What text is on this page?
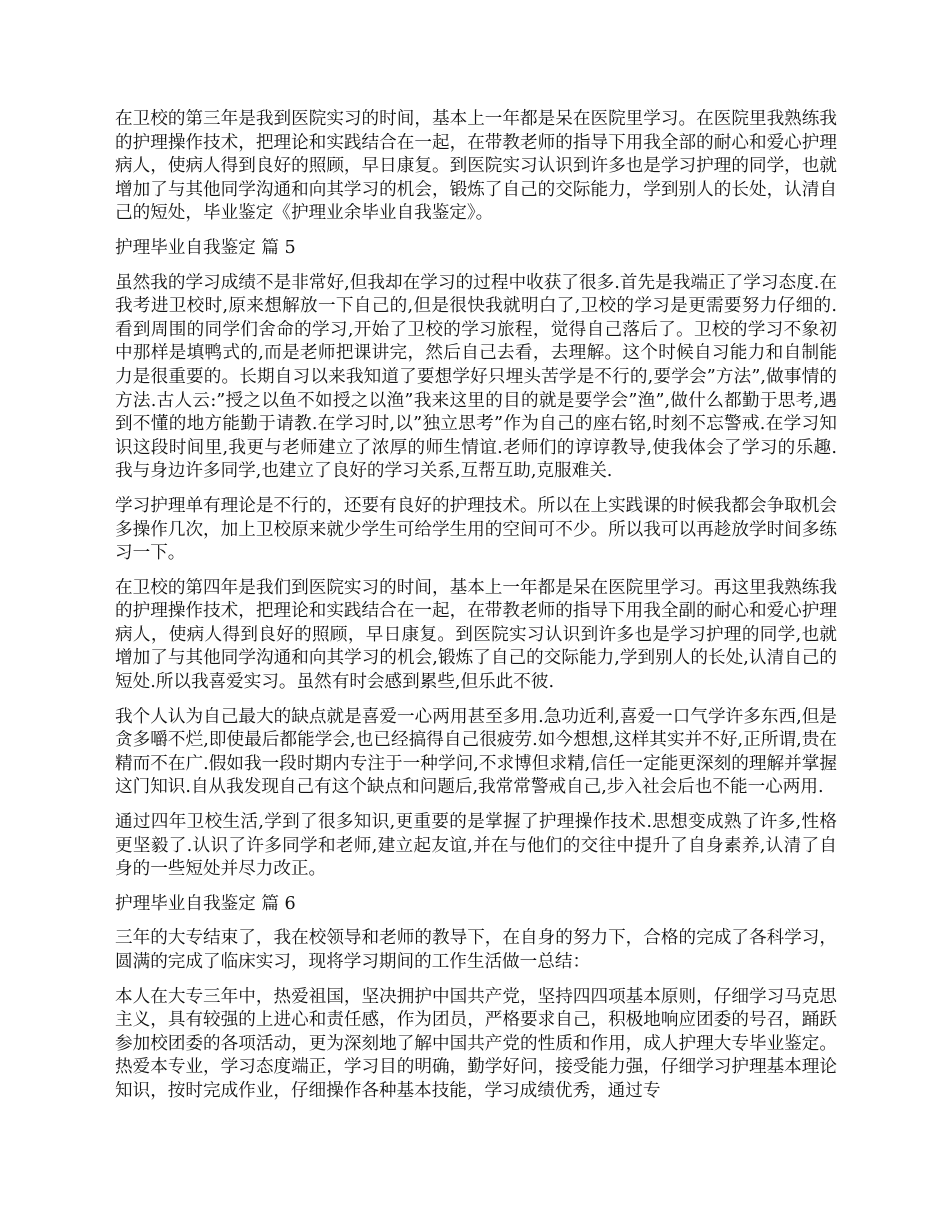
在卫校的第三年是我到医院实习的时间，基本上一年都是呆在医院里学习。在医院里我熟练我的护理操作技术，把理论和实践结合在一起，在带教老师的指导下用我全部的耐心和爱心护理病人，使病人得到良好的照顾，早日康复。到医院实习认识到许多也是学习护理的同学，也就增加了与其他同学沟通和向其学习的机会，锻炼了自己的交际能力，学到别人的长处，认清自己的短处，毕业鉴定《护理业余毕业自我鉴定》。

护理毕业自我鉴定 篇 5

虽然我的学习成绩不是非常好,但我却在学习的过程中收获了很多.首先是我端正了学习态度.在我考进卫校时,原来想解放一下自己的,但是很快我就明白了,卫校的学习是更需要努力仔细的.看到周围的同学们舍命的学习,开始了卫校的学习旅程，觉得自己落后了。卫校的学习不象初中那样是填鸭式的,而是老师把课讲完，然后自己去看，去理解。这个时候自习能力和自制能力是很重要的。长期自习以来我知道了要想学好只埋头苦学是不行的,要学会”方法”,做事情的方法.古人云:”授之以鱼不如授之以渔”我来这里的目的就是要学会”渔”,做什么都勤于思考,遇到不懂的地方能勤于请教.在学习时,以”独立思考”作为自己的座右铭,时刻不忘警戒.在学习知识这段时间里,我更与老师建立了浓厚的师生情谊.老师们的谆谆教导,使我体会了学习的乐趣.我与身边许多同学,也建立了良好的学习关系,互帮互助,克服难关.

学习护理单有理论是不行的，还要有良好的护理技术。所以在上实践课的时候我都会争取机会多操作几次，加上卫校原来就少学生可给学生用的空间可不少。所以我可以再趁放学时间多练习一下。

在卫校的第四年是我们到医院实习的时间，基本上一年都是呆在医院里学习。再这里我熟练我的护理操作技术，把理论和实践结合在一起，在带教老师的指导下用我全副的耐心和爱心护理病人，使病人得到良好的照顾，早日康复。到医院实习认识到许多也是学习护理的同学,也就增加了与其他同学沟通和向其学习的机会,锻炼了自己的交际能力,学到别人的长处,认清自己的短处.所以我喜爱实习。虽然有时会感到累些,但乐此不彼.

我个人认为自己最大的缺点就是喜爱一心两用甚至多用.急功近利,喜爱一口气学许多东西,但是贪多嚼不烂,即使最后都能学会,也已经搞得自己很疲劳.如今想想,这样其实并不好,正所谓,贵在精而不在广.假如我一段时期内专注于一种学问,不求博但求精,信任一定能更深刻的理解并掌握这门知识.自从我发现自己有这个缺点和问题后,我常常警戒自己,步入社会后也不能一心两用.

通过四年卫校生活,学到了很多知识,更重要的是掌握了护理操作技术.思想变成熟了许多,性格更坚毅了.认识了许多同学和老师,建立起友谊,并在与他们的交往中提升了自身素养,认清了自身的一些短处并尽力改正。

护理毕业自我鉴定 篇 6

三年的大专结束了，我在校领导和老师的教导下，在自身的努力下，合格的完成了各科学习，圆满的完成了临床实习，现将学习期间的工作生活做一总结：

本人在大专三年中，热爱祖国，坚决拥护中国共产党，坚持四四项基本原则，仔细学习马克思主义，具有较强的上进心和责任感，作为团员，严格要求自己，积极地响应团委的号召，踊跃参加校团委的各项活动，更为深刻地了解中国共产党的性质和作用，成人护理大专毕业鉴定。热爱本专业，学习态度端正，学习目的明确，勤学好问，接受能力强，仔细学习护理基本理论知识，按时完成作业，仔细操作各种基本技能，学习成绩优秀，通过专
